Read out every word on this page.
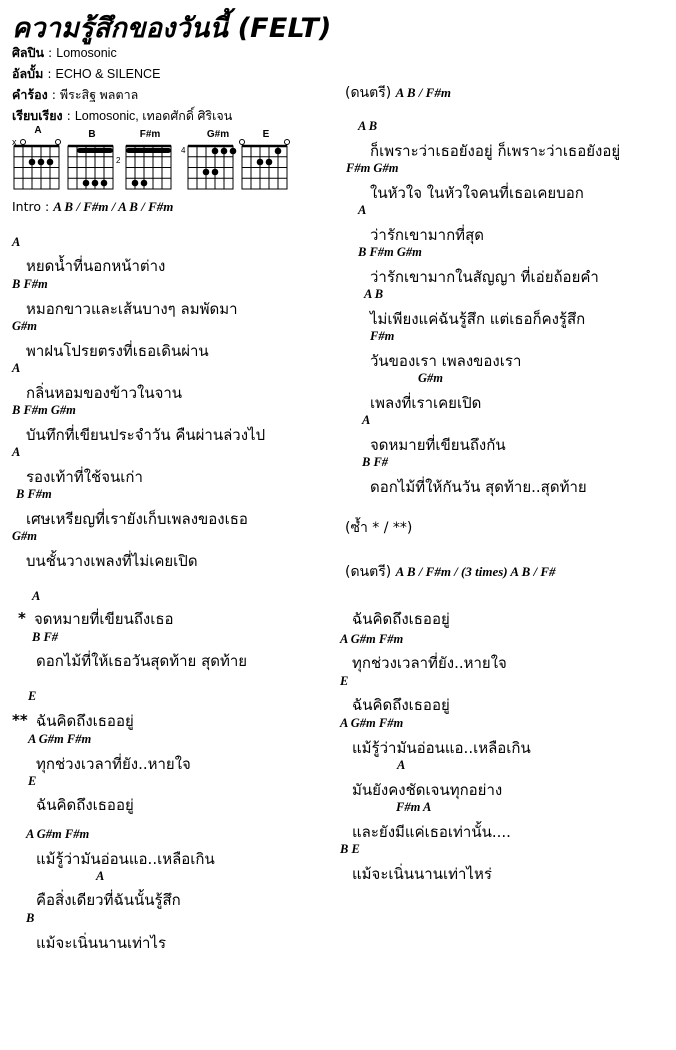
ความรู้สึกของวันนี้ (FELT)
ศิลปิน : Lomosonic
อัลบั้ม : ECHO & SILENCE
คำร้อง : พีระสิฐ พลตาล
เรียบเรียง : Lomosonic, เทอดศักดิ์ ศิริเจน
A
x
B
2
F#m	G#m
4
E
Intro : A B / F#m / A B / F#m
A
หยดน้ำที่นอกหน้าต่าง
B F#m
หมอกขาวและเส้นบางๆ ลมพัดมา
G#m
พาฝนโปรยตรงที่เธอเดินผ่าน
A
กลิ่นหอมของข้าวในจาน
B F#m G#m
บันทึกที่เขียนประจำวัน คืนผ่านล่วงไป
A
รองเท้าที่ใช้จนเก่า
B F#m
เศษเหรียญที่เรายังเก็บเพลงของเธอ
G#m
บนชั้นวางเพลงที่ไม่เคยเปิด
A
* จดหมายที่เขียนถึงเธอ
B F#
ดอกไม้ที่ให้เธอวันสุดท้าย สุดท้าย
E
** ฉันคิดถึงเธออยู่
A G#m F#m
ทุกช่วงเวลาที่ยัง..หายใจ
E
ฉันคิดถึงเธออยู่
A G#m F#m
แม้รู้ว่ามันอ่อนแอ..เหลือเกิน
A
คือสิ่งเดียวที่ฉันนั้นรู้สึก
B
แม้จะเนิ่นนานเท่าไร
(ดนตรี) A B / F#m
A B
ก็เพราะว่าเธอยังอยู่ ก็เพราะว่าเธอยังอยู่
F#m G#m
ในหัวใจ ในหัวใจคนที่เธอเคยบอก
A
ว่ารักเขามากที่สุด
B F#m G#m
ว่ารักเขามากในสัญญา ที่เอ่ยถ้อยคำ
A B
ไม่เพียงแค่ฉันรู้สึก แต่เธอก็คงรู้สึก
F#m
วันของเรา เพลงของเรา
G#m
เพลงที่เราเคยเปิด
A
จดหมายที่เขียนถึงกัน
B F#
ดอกไม้ที่ให้กันวัน สุดท้าย..สุดท้าย
(ซ้ำ * / **)
(ดนตรี) A B / F#m / (3 times) A B / F#
ฉันคิดถึงเธออยู่
A G#m F#m
ทุกช่วงเวลาที่ยัง..หายใจ
E
ฉันคิดถึงเธออยู่
A G#m F#m
แม้รู้ว่ามันอ่อนแอ..เหลือเกิน
A
มันยังคงชัดเจนทุกอย่าง
F#m A
และยังมีแค่เธอเท่านั้น....
B E
แม้จะเนิ่นนานเท่าไหร่
